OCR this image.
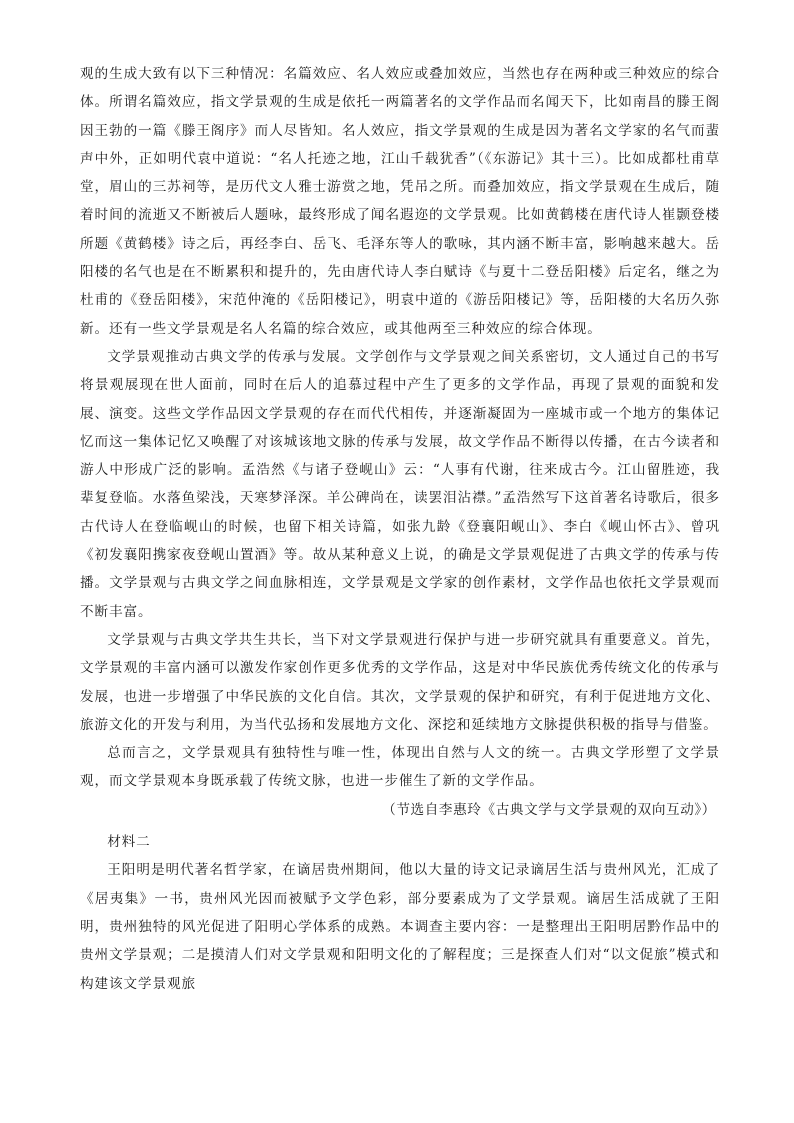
观的生成大致有以下三种情况：名篇效应、名人效应或叠加效应，当然也存在两种或三种效应的综合体。所谓名篇效应，指文学景观的生成是依托一两篇著名的文学作品而名闻天下，比如南昌的滕王阁因王勃的一篇《滕王阁序》而人尽皆知。名人效应，指文学景观的生成是因为著名文学家的名气而蜚声中外，正如明代袁中道说：“名人托迹之地，江山千载犹香”（《东游记》其十三）。比如成都杜甫草堂，眉山的三苏祠等，是历代文人雅士游赏之地，凭吊之所。而叠加效应，指文学景观在生成后，随着时间的流逝又不断被后人题咏，最终形成了闻名遐迩的文学景观。比如黄鹤楼在唐代诗人崔颢登楼所题《黄鹤楼》诗之后，再经李白、岳飞、毛泽东等人的歌咏，其内涵不断丰富，影响越来越大。岳阳楼的名气也是在不断累积和提升的，先由唐代诗人李白赋诗《与夏十二登岳阳楼》后定名，继之为杜甫的《登岳阳楼》，宋范仲淹的《岳阳楼记》，明袁中道的《游岳阳楼记》等，岳阳楼的大名历久弥新。还有一些文学景观是名人名篇的综合效应，或其他两至三种效应的综合体现。

文学景观推动古典文学的传承与发展。文学创作与文学景观之间关系密切，文人通过自己的书写将景观展现在世人面前，同时在后人的追慕过程中产生了更多的文学作品，再现了景观的面貌和发展、演变。这些文学作品因文学景观的存在而代代相传，并逐渐凝固为一座城市或一个地方的集体记忆而这一集体记忆又唤醒了对该城该地文脉的传承与发展，故文学作品不断得以传播，在古今读者和游人中形成广泛的影响。孟浩然《与诸子登岘山》云：“人事有代谢，往来成古今。江山留胜迹，我辈复登临。水落鱼梁浅，天寒梦泽深。羊公碑尚在，读罢泪沾襟。”孟浩然写下这首著名诗歌后，很多古代诗人在登临岘山的时候，也留下相关诗篇，如张九龄《登襄阳岘山》、李白《岘山怀古》、曾巩《初发襄阳携家夜登岘山置酒》等。故从某种意义上说，的确是文学景观促进了古典文学的传承与传播。文学景观与古典文学之间血脉相连，文学景观是文学家的创作素材，文学作品也依托文学景观而不断丰富。

文学景观与古典文学共生共长，当下对文学景观进行保护与进一步研究就具有重要意义。首先，文学景观的丰富内涵可以激发作家创作更多优秀的文学作品，这是对中华民族优秀传统文化的传承与发展，也进一步增强了中华民族的文化自信。其次，文学景观的保护和研究，有利于促进地方文化、旅游文化的开发与利用，为当代弘扬和发展地方文化、深挖和延续地方文脉提供积极的指导与借鉴。

总而言之，文学景观具有独特性与唯一性，体现出自然与人文的统一。古典文学形塑了文学景观，而文学景观本身既承载了传统文脉，也进一步催生了新的文学作品。

（节选自李惠玲《古典文学与文学景观的双向互动》）

材料二

王阳明是明代著名哲学家，在谪居贵州期间，他以大量的诗文记录谪居生活与贵州风光，汇成了《居夷集》一书，贵州风光因而被赋予文学色彩，部分要素成为了文学景观。谪居生活成就了王阳明，贵州独特的风光促进了阳明心学体系的成熟。本调查主要内容：一是整理出王阳明居黔作品中的贵州文学景观；二是摸清人们对文学景观和阳明文化的了解程度；三是探查人们对“以文促旅”模式和构建该文学景观旅
